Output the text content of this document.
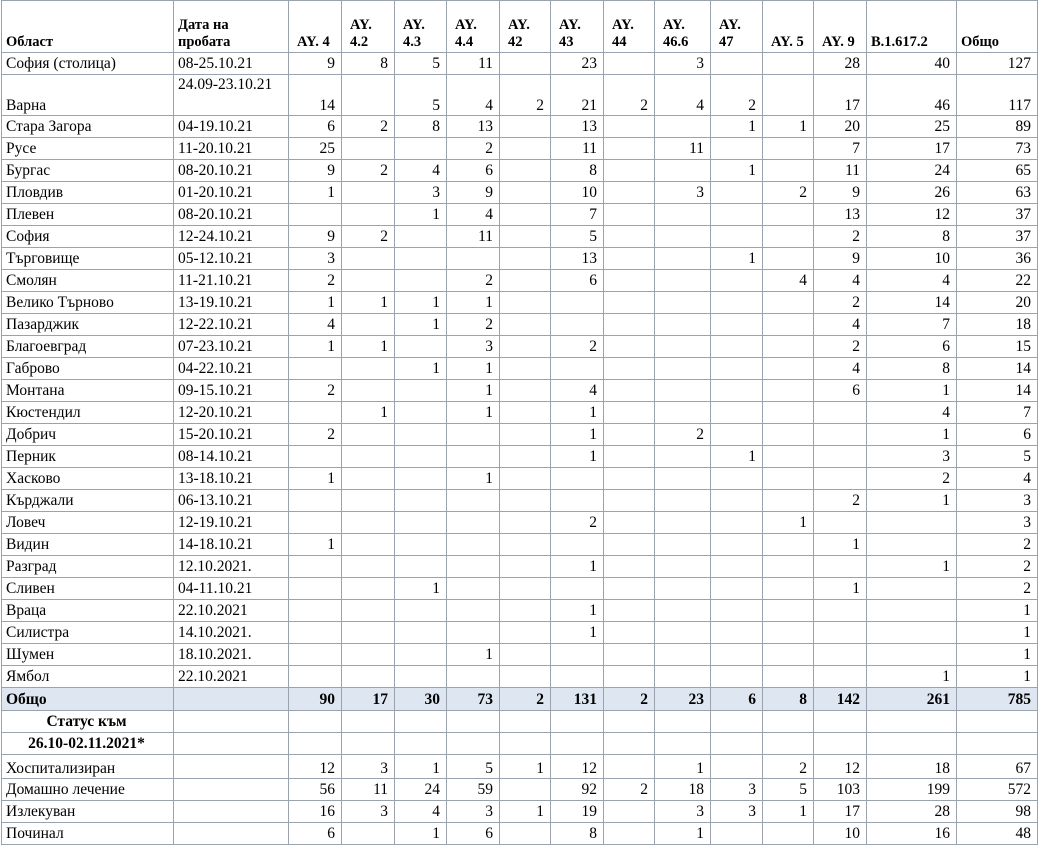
Област	Дата на пробата	AY. 4	AY. 4.2	AY. 4.3	AY. 4.4	AY. 42	AY. 43	AY. 44	AY. 46.6	AY. 47	AY. 5	AY. 9	B.1.617.2	Общо
София (столица)	08-25.10.21	9	8	5	11		23		3			28	40	127
Варна	24.09-23.10.21	14		5	4	2	21	2	4	2		17	46	117
Стара Загора	04-19.10.21	6	2	8	13		13			1	1	20	25	89
Русе	11-20.10.21	25			2		11		11			7	17	73
Бургас	08-20.10.21	9	2	4	6		8			1		11	24	65
Пловдив	01-20.10.21	1		3	9		10		3		2	9	26	63
Плевен	08-20.10.21			1	4		7					13	12	37
София	12-24.10.21	9	2		11		5					2	8	37
Търговище	05-12.10.21	3					13			1		9	10	36
Смолян	11-21.10.21	2			2		6				4	4	4	22
Велико Търново	13-19.10.21	1	1	1	1							2	14	20
Пазарджик	12-22.10.21	4		1	2							4	7	18
Благоевград	07-23.10.21	1	1		3		2					2	6	15
Габрово	04-22.10.21			1	1							4	8	14
Монтана	09-15.10.21	2			1		4					6	1	14
Кюстендил	12-20.10.21		1		1		1						4	7
Добрич	15-20.10.21	2					1		2				1	6
Перник	08-14.10.21						1			1			3	5
Хасково	13-18.10.21	1			1								2	4
Кърджали	06-13.10.21											2	1	3
Ловеч	12-19.10.21						2				1			3
Видин	14-18.10.21	1										1		2
Разград	12.10.2021.						1						1	2
Сливен	04-11.10.21			1								1		2
Враца	22.10.2021						1							1
Силистра	14.10.2021.						1							1
Шумен	18.10.2021.				1									1
Ямбол	22.10.2021												1	1
Общо		90	17	30	73	2	131	2	23	6	8	142	261	785
Статус към														
26.10-02.11.2021*														
Хоспитализиран		12	3	1	5	1	12		1		2	12	18	67
Домашно лечение		56	11	24	59		92	2	18	3	5	103	199	572
Излекуван		16	3	4	3	1	19		3	3	1	17	28	98
Починал		6		1	6		8		1			10	16	48
